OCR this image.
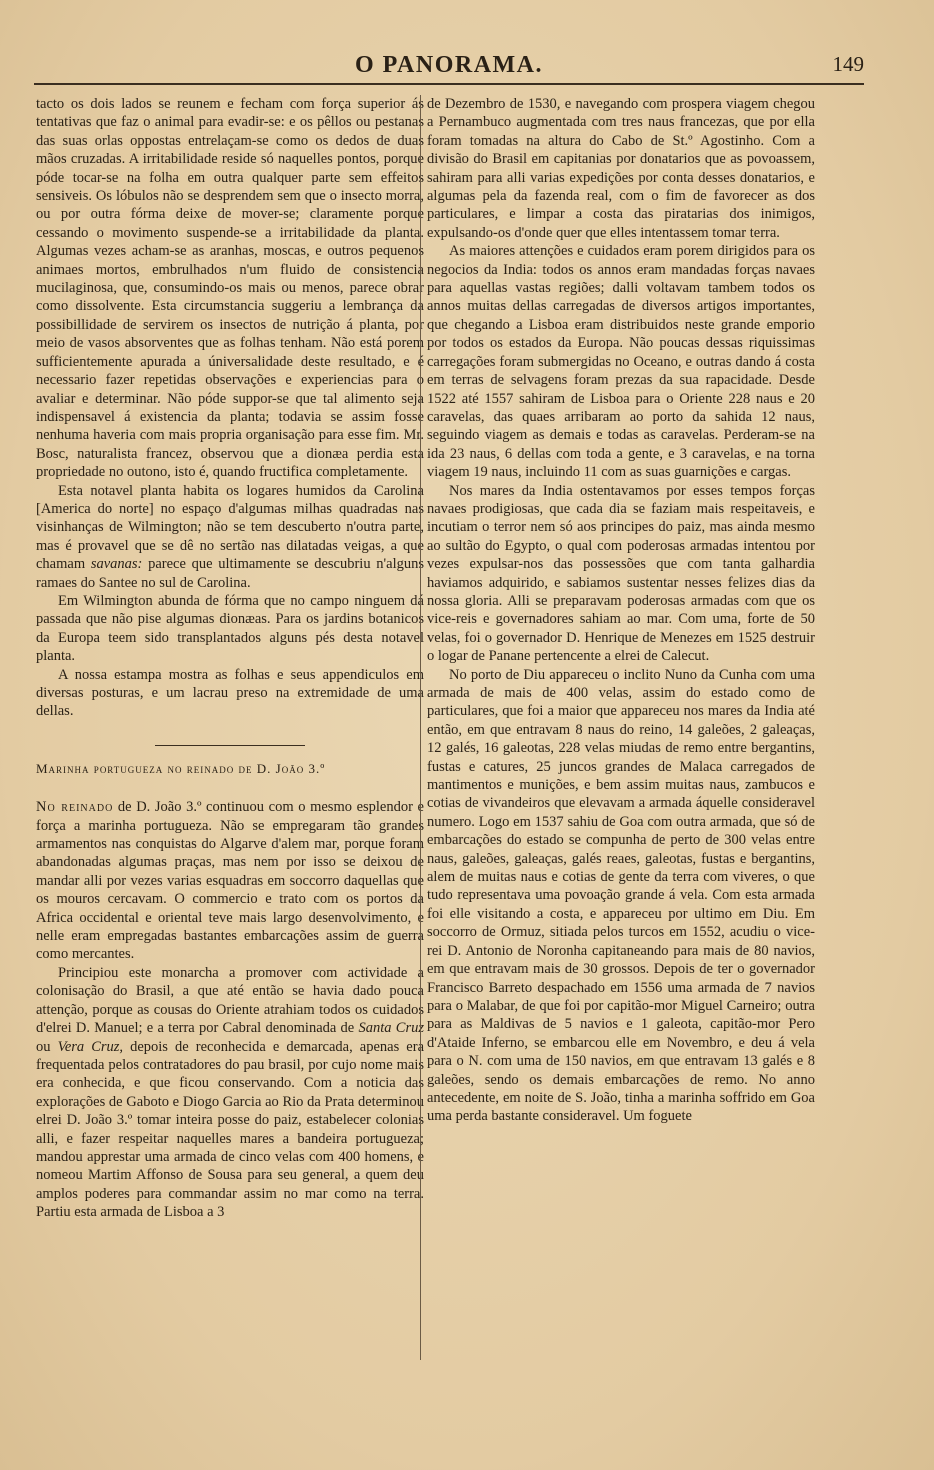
O PANORAMA.	149

tacto os dois lados se reunem e fecham com força superior ás tentativas que faz o animal para evadir-se: e os pêllos ou pestanas das suas orlas oppostas entrelaçam-se como os dedos de duas mãos cruzadas. A irritabilidade reside só naquelles pontos, porque póde tocar-se na folha em outra qualquer parte sem effeitos sensiveis. Os lóbulos não se desprendem sem que o insecto morra, ou por outra fórma deixe de mover-se; claramente porque cessando o movimento suspende-se a irritabilidade da planta. Algumas vezes acham-se as aranhas, moscas, e outros pequenos animaes mortos, embrulhados n'um fluido de consistencia mucilaginosa, que, consumindo-os mais ou menos, parece obrar como dissolvente. Esta circumstancia suggeriu a lembrança da possibillidade de servirem os insectos de nutrição á planta, por meio de vasos absorventes que as folhas tenham. Não está porem sufficientemente apurada a úniversalidade deste resultado, e é necessario fazer repetidas observações e experiencias para o avaliar e determinar. Não póde suppor-se que tal alimento seja indispensavel á existencia da planta; todavia se assim fosse nenhuma haveria com mais propria organisação para esse fim. Mr. Bosc, naturalista francez, observou que a dionæa perdia esta propriedade no outono, isto é, quando fructifica completamente.

Esta notavel planta habita os logares humidos da Carolina [America do norte] no espaço d'algumas milhas quadradas nas visinhanças de Wilmington; não se tem descuberto n'outra parte, mas é provavel que se dê no sertão nas dilatadas veigas, a que chamam savanas: parece que ultimamente se descubriu n'alguns ramaes do Santee no sul de Carolina.

Em Wilmington abunda de fórma que no campo ninguem dá passada que não pise algumas dionæas. Para os jardins botanicos da Europa teem sido transplantados alguns pés desta notavel planta.

A nossa estampa mostra as folhas e seus appendiculos em diversas posturas, e um lacrau preso na extremidade de uma dellas.

Marinha portugueza no reinado de D. João 3.º

No reinado de D. João 3.º continuou com o mesmo esplendor e força a marinha portugueza. Não se empregaram tão grandes armamentos nas conquistas do Algarve d'alem mar, porque foram abandonadas algumas praças, mas nem por isso se deixou de mandar alli por vezes varias esquadras em soccorro daquellas que os mouros cercavam. O commercio e trato com os portos da Africa occidental e oriental teve mais largo desenvolvimento, e nelle eram empregadas bastantes embarcações assim de guerra como mercantes.

Principiou este monarcha a promover com actividade a colonisação do Brasil, a que até então se havia dado pouca attenção, porque as cousas do Oriente atrahiam todos os cuidados d'elrei D. Manuel; e a terra por Cabral denominada de Santa Cruz ou Vera Cruz, depois de reconhecida e demarcada, apenas era frequentada pelos contratadores do pau brasil, por cujo nome mais era conhecida, e que ficou conservando. Com a noticia das explorações de Gaboto e Diogo Garcia ao Rio da Prata determinou elrei D. João 3.º tomar inteira posse do paiz, estabelecer colonias alli, e fazer respeitar naquelles mares a bandeira portugueza; mandou apprestar uma armada de cinco velas com 400 homens, e nomeou Martim Affonso de Sousa para seu general, a quem deu amplos poderes para commandar assim no mar como na terra. Partiu esta armada de Lisboa a 3

de Dezembro de 1530, e navegando com prospera viagem chegou a Pernambuco augmentada com tres naus francezas, que por ella foram tomadas na altura do Cabo de St.º Agostinho. Com a divisão do Brasil em capitanias por donatarios que as povoassem, sahiram para alli varias expedições por conta desses donatarios, e algumas pela da fazenda real, com o fim de favorecer as dos particulares, e limpar a costa das piratarias dos inimigos, expulsando-os d'onde quer que elles intentassem tomar terra.

As maiores attenções e cuidados eram porem dirigidos para os negocios da India: todos os annos eram mandadas forças navaes para aquellas vastas regiões; dalli voltavam tambem todos os annos muitas dellas carregadas de diversos artigos importantes, que chegando a Lisboa eram distribuidos neste grande emporio por todos os estados da Europa. Não poucas dessas riquissimas carregações foram submergidas no Oceano, e outras dando á costa em terras de selvagens foram prezas da sua rapacidade. Desde 1522 até 1557 sahiram de Lisboa para o Oriente 228 naus e 20 caravelas, das quaes arribaram ao porto da sahida 12 naus, seguindo viagem as demais e todas as caravelas. Perderam-se na ida 23 naus, 6 dellas com toda a gente, e 3 caravelas, e na torna viagem 19 naus, incluindo 11 com as suas guarnições e cargas.

Nos mares da India ostentavamos por esses tempos forças navaes prodigiosas, que cada dia se faziam mais respeitaveis, e incutiam o terror nem só aos principes do paiz, mas ainda mesmo ao sultão do Egypto, o qual com poderosas armadas intentou por vezes expulsar-nos das possessões que com tanta galhardia haviamos adquirido, e sabiamos sustentar nesses felizes dias da nossa gloria. Alli se preparavam poderosas armadas com que os vice-reis e governadores sahiam ao mar. Com uma, forte de 50 velas, foi o governador D. Henrique de Menezes em 1525 destruir o logar de Panane pertencente a elrei de Calecut.

No porto de Diu appareceu o inclito Nuno da Cunha com uma armada de mais de 400 velas, assim do estado como de particulares, que foi a maior que appareceu nos mares da India até então, em que entravam 8 naus do reino, 14 galeões, 2 galeaças, 12 galés, 16 galeotas, 228 velas miudas de remo entre bergantins, fustas e catures, 25 juncos grandes de Malaca carregados de mantimentos e munições, e bem assim muitas naus, zambucos e cotias de vivandeiros que elevavam a armada áquelle consideravel numero. Logo em 1537 sahiu de Goa com outra armada, que só de embarcações do estado se compunha de perto de 300 velas entre naus, galeões, galeaças, galés reaes, galeotas, fustas e bergantins, alem de muitas naus e cotias de gente da terra com viveres, o que tudo representava uma povoação grande á vela. Com esta armada foi elle visitando a costa, e appareceu por ultimo em Diu. Em soccorro de Ormuz, sitiada pelos turcos em 1552, acudiu o vice-rei D. Antonio de Noronha capitaneando para mais de 80 navios, em que entravam mais de 30 grossos. Depois de ter o governador Francisco Barreto despachado em 1556 uma armada de 7 navios para o Malabar, de que foi por capitão-mor Miguel Carneiro; outra para as Maldivas de 5 navios e 1 galeota, capitão-mor Pero d'Ataide Inferno, se embarcou elle em Novembro, e deu á vela para o N. com uma de 150 navios, em que entravam 13 galés e 8 galeões, sendo os demais embarcações de remo. No anno antecedente, em noite de S. João, tinha a marinha soffrido em Goa uma perda bastante consideravel. Um foguete
